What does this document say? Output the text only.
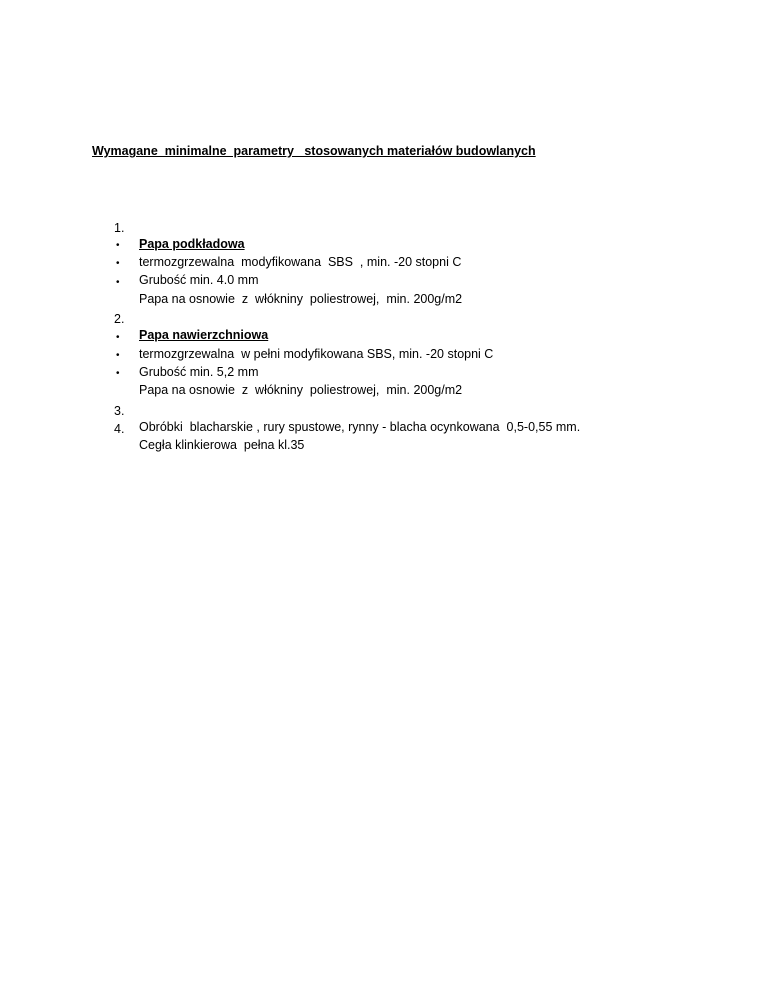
Wymagane  minimalne  parametry   stosowanych materiałów budowlanych

1.

Papa podkładowa

•

termozgrzewalna  modyfikowana  SBS  , min. -20 stopni C

•

Grubość min. 4.0 mm

•

Papa na osnowie  z  włókniny  poliestrowej,  min. 200g/m2

2.

Papa nawierzchniowa

•

termozgrzewalna  w pełni modyfikowana SBS, min. -20 stopni C

•

Grubość min. 5,2 mm

•

Papa na osnowie  z  włókniny  poliestrowej,  min. 200g/m2

3.

Obróbki  blacharskie , rury spustowe, rynny - blacha ocynkowana  0,5-0,55 mm.

4.

Cegła klinkierowa  pełna kl.35
